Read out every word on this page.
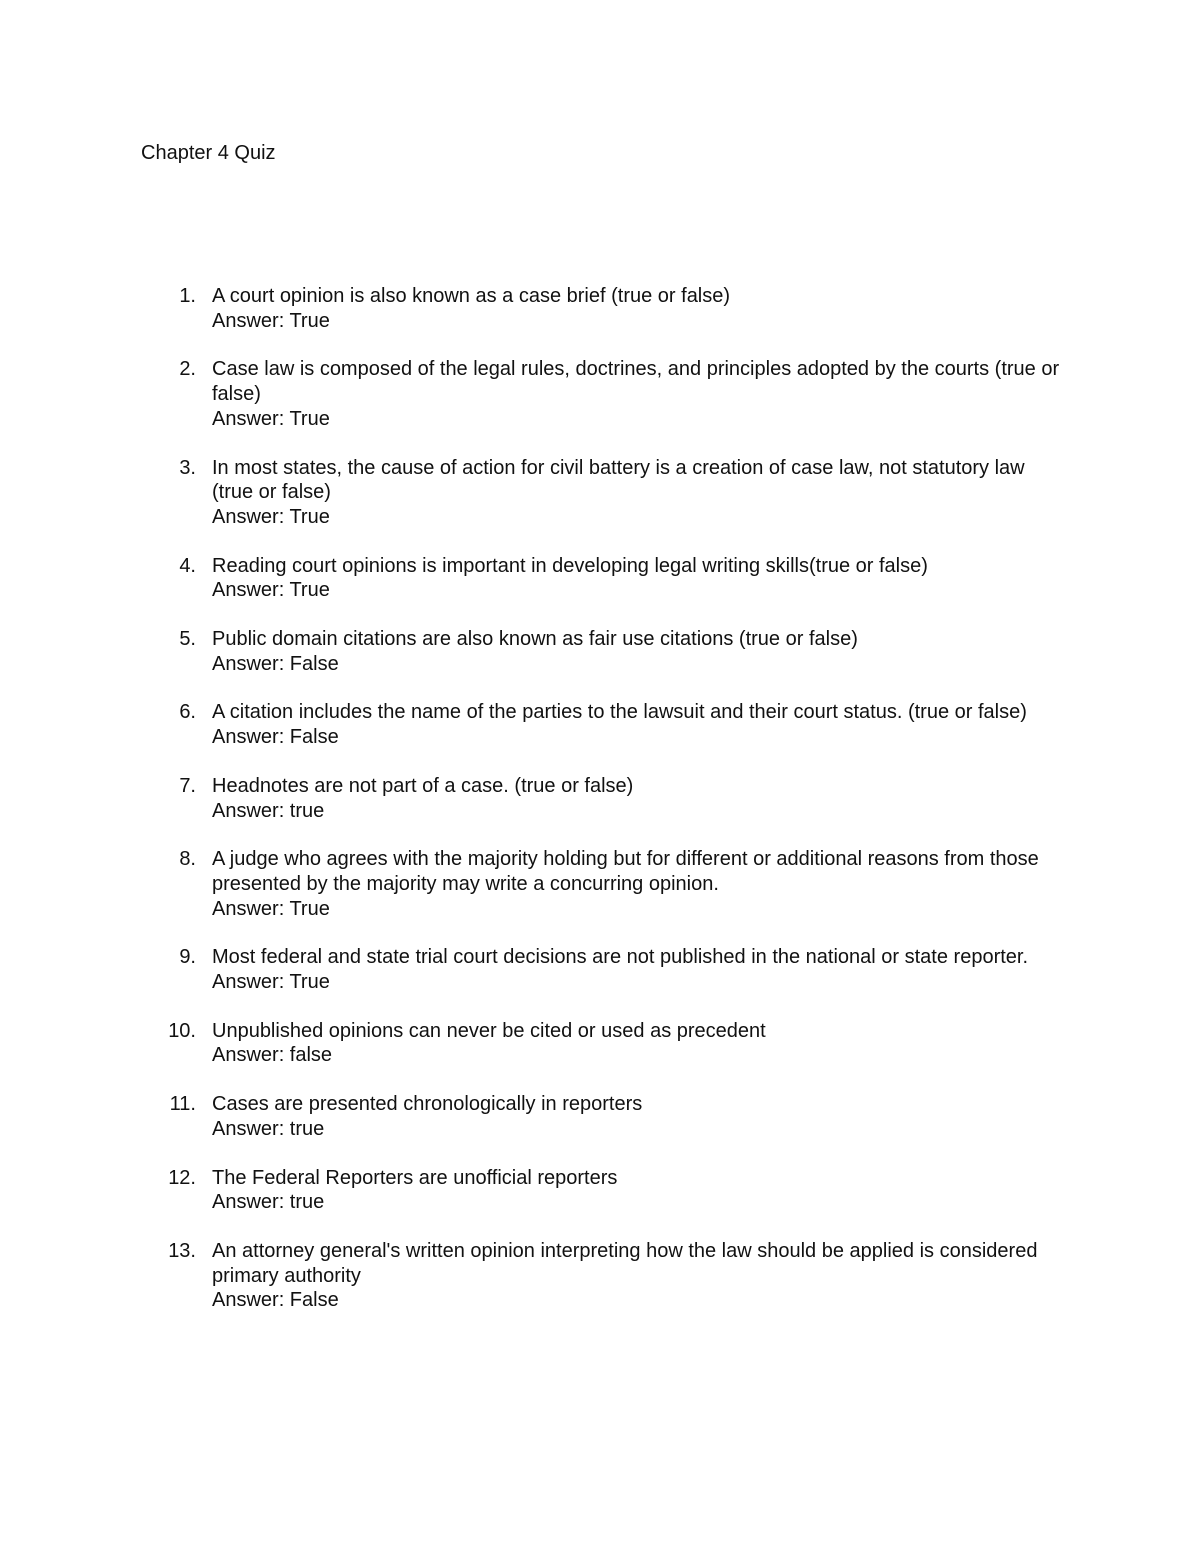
Chapter 4 Quiz
1. A court opinion is also known as a case brief (true or false)
Answer: True
2. Case law is composed of the legal rules, doctrines, and principles adopted by the courts (true or false)
Answer: True
3. In most states, the cause of action for civil battery is a creation of case law, not statutory law (true or false)
Answer: True
4. Reading court opinions is important in developing legal writing skills(true or false)
Answer: True
5. Public domain citations are also known as fair use citations (true or false)
Answer: False
6. A citation includes the name of the parties to the lawsuit and their court status. (true or false)
Answer: False
7. Headnotes are not part of a case. (true or false)
Answer: true
8. A judge who agrees with the majority holding but for different or additional reasons from those presented by the majority may write a concurring opinion.
Answer: True
9. Most federal and state trial court decisions are not published in the national or state reporter.
Answer: True
10. Unpublished opinions can never be cited or used as precedent
Answer: false
11. Cases are presented chronologically in reporters
Answer: true
12. The Federal Reporters are unofficial reporters
Answer: true
13. An attorney general's written opinion interpreting how the law should be applied is considered primary authority
Answer: False
